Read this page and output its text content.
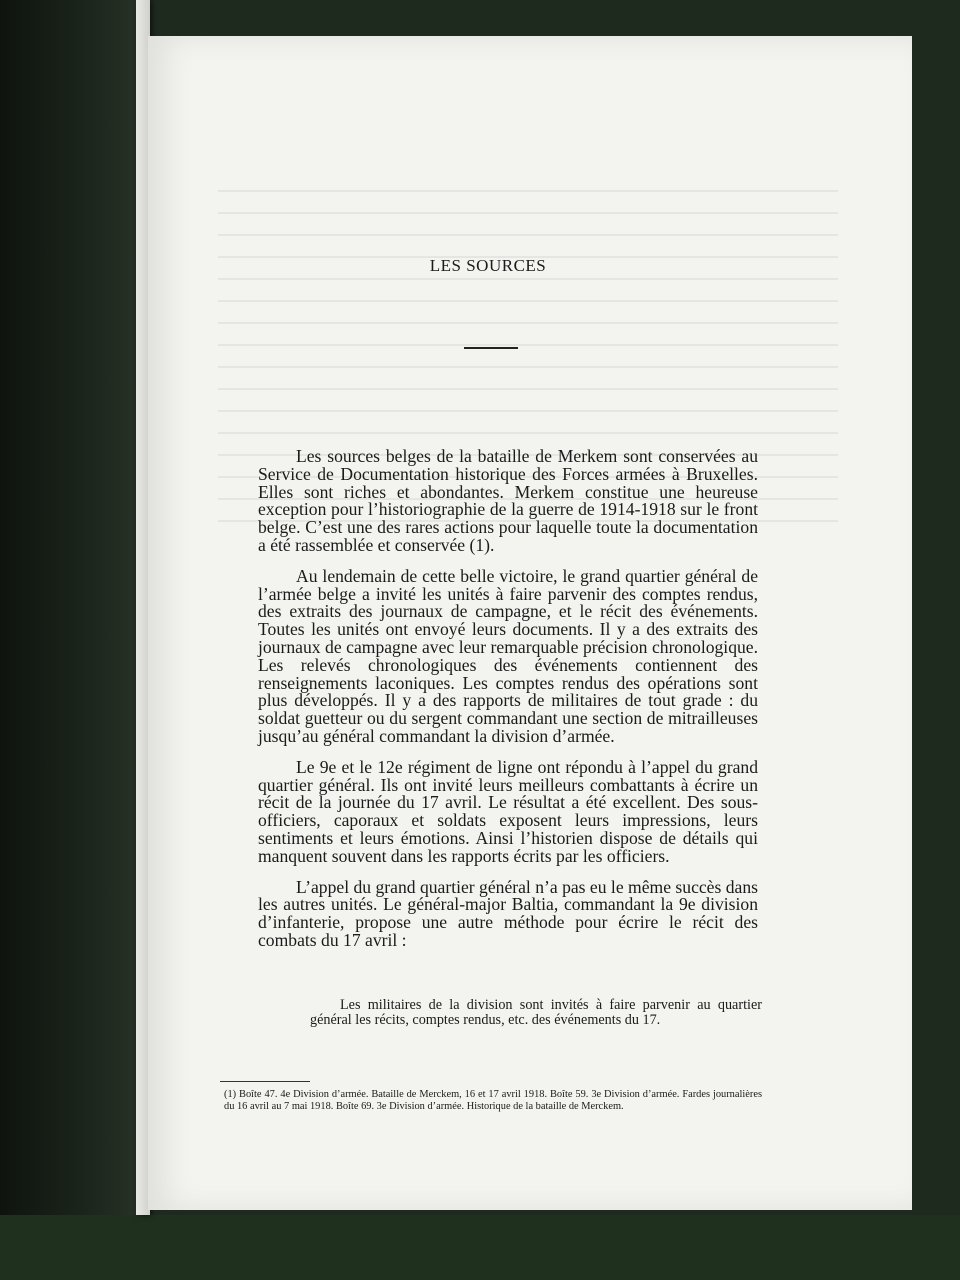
LES SOURCES

Les sources belges de la bataille de Merkem sont conservées au Service de Documentation historique des Forces armées à Bruxelles. Elles sont riches et abondantes. Merkem constitue une heureuse exception pour l’historiographie de la guerre de 1914-1918 sur le front belge. C’est une des rares actions pour laquelle toute la documentation a été rassemblée et conservée (1).

Au lendemain de cette belle victoire, le grand quartier général de l’armée belge a invité les unités à faire parvenir des comptes rendus, des extraits des journaux de campagne, et le récit des événements. Toutes les unités ont envoyé leurs documents. Il y a des extraits des journaux de campagne avec leur remarquable précision chronologique. Les relevés chronologiques des événements contiennent des renseignements laconiques. Les comptes rendus des opérations sont plus développés. Il y a des rapports de militaires de tout grade : du soldat guetteur ou du sergent commandant une section de mitrailleuses jusqu’au général commandant la division d’armée.

Le 9e et le 12e régiment de ligne ont répondu à l’appel du grand quartier général. Ils ont invité leurs meilleurs combattants à écrire un récit de la journée du 17 avril. Le résultat a été excellent. Des sous-officiers, caporaux et soldats exposent leurs impressions, leurs sentiments et leurs émotions. Ainsi l’historien dispose de détails qui manquent souvent dans les rapports écrits par les officiers.

L’appel du grand quartier général n’a pas eu le même succès dans les autres unités. Le général-major Baltia, commandant la 9e division d’infanterie, propose une autre méthode pour écrire le récit des combats du 17 avril :

Les militaires de la division sont invités à faire parvenir au quartier général les récits, comptes rendus, etc. des événements du 17.
(1) Boîte 47. 4e Division d’armée. Bataille de Merckem, 16 et 17 avril 1918. Boîte 59. 3e Division d’armée. Fardes journalières du 16 avril au 7 mai 1918. Boîte 69. 3e Division d’armée. Historique de la bataille de Merckem.
